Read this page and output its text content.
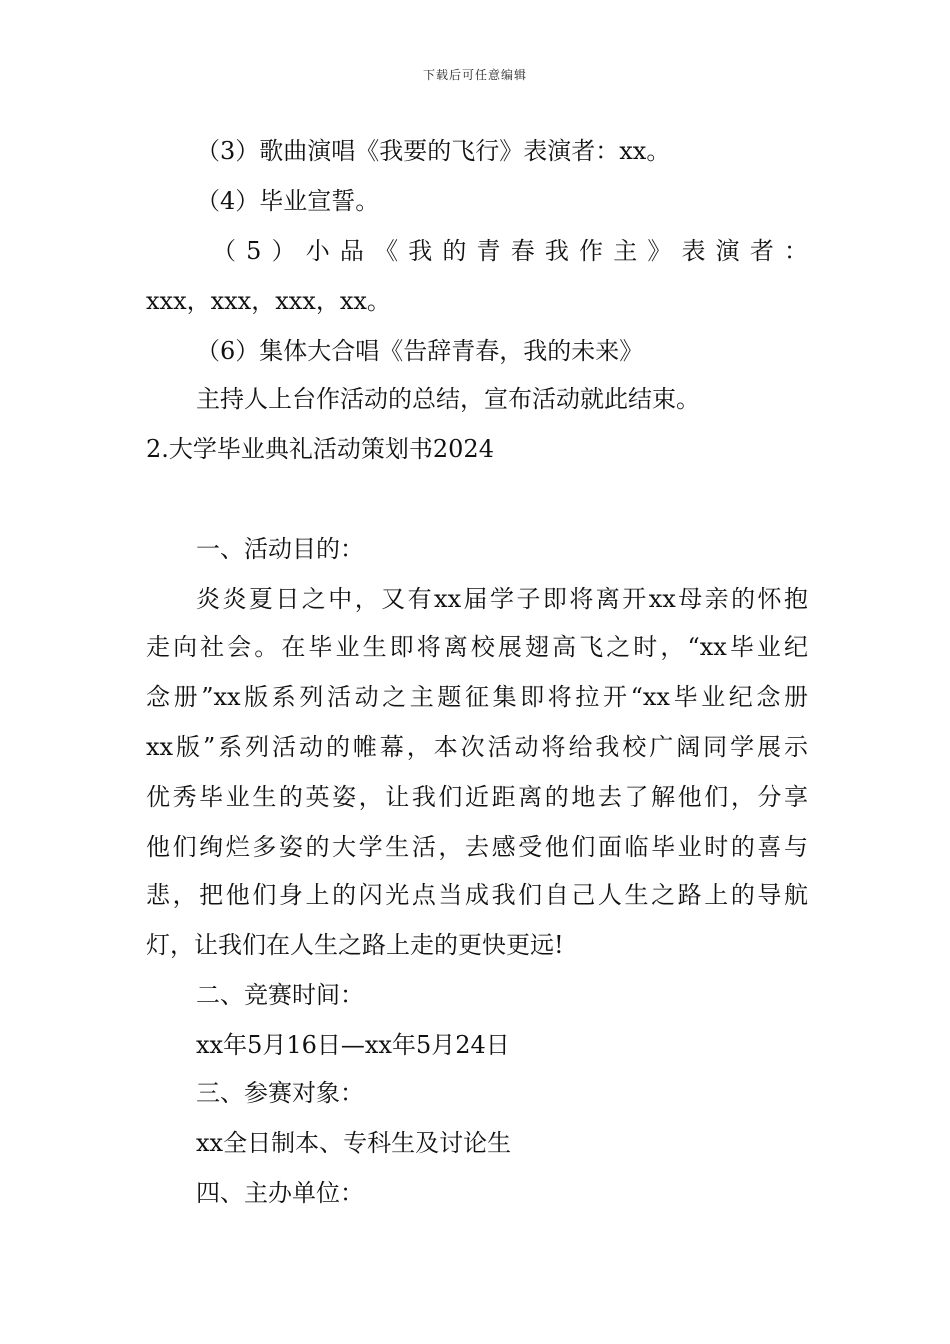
下载后可任意编辑
（3）歌曲演唱《我要的飞行》表演者：xx。
（4）毕业宣誓。
（5）小品《我的青春我作主》表演者：
xxx，xxx，xxx，xx。
（6）集体大合唱《告辞青春，我的未来》
主持人上台作活动的总结，宣布活动就此结束。
2.大学毕业典礼活动策划书2024
一、活动目的：
炎炎夏日之中，又有xx届学子即将离开xx母亲的怀抱
走向社会。在毕业生即将离校展翅高飞之时，“xx毕业纪
念册”xx版系列活动之主题征集即将拉开“xx毕业纪念册
xx版”系列活动的帷幕，本次活动将给我校广阔同学展示
优秀毕业生的英姿，让我们近距离的地去了解他们，分享
他们绚烂多姿的大学生活，去感受他们面临毕业时的喜与
悲，把他们身上的闪光点当成我们自己人生之路上的导航
灯，让我们在人生之路上走的更快更远!
二、竞赛时间：
xx年5月16日—xx年5月24日
三、参赛对象：
xx全日制本、专科生及讨论生
四、主办单位：
